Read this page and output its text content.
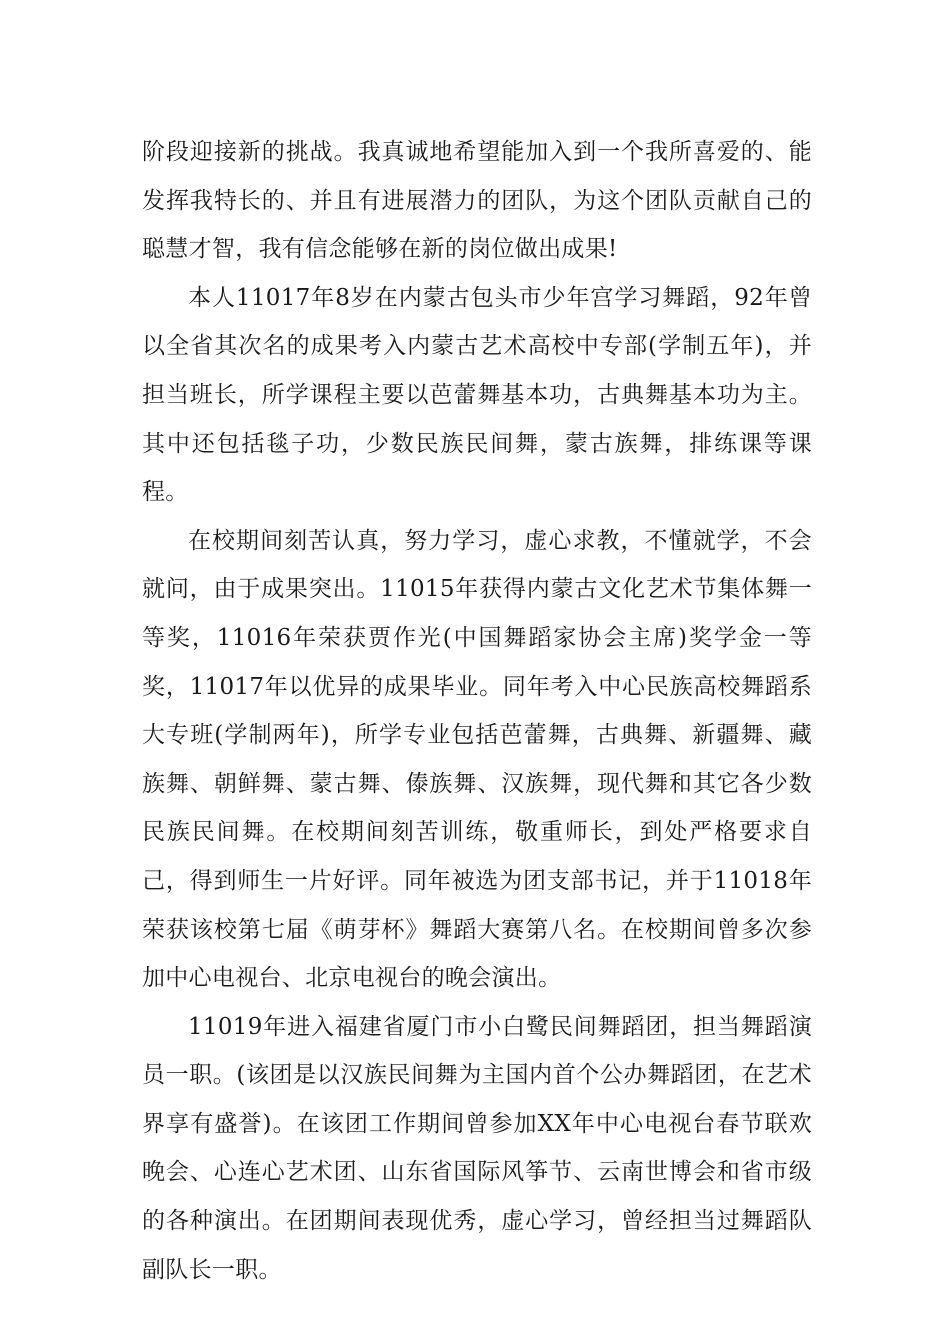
阶段迎接新的挑战。我真诚地希望能加入到一个我所喜爱的、能发挥我特长的、并且有进展潜力的团队，为这个团队贡献自己的聪慧才智，我有信念能够在新的岗位做出成果!

本人11017年8岁在内蒙古包头市少年宫学习舞蹈，92年曾以全省其次名的成果考入内蒙古艺术高校中专部(学制五年)，并担当班长，所学课程主要以芭蕾舞基本功，古典舞基本功为主。其中还包括毯子功，少数民族民间舞，蒙古族舞，排练课等课程。

在校期间刻苦认真，努力学习，虚心求教，不懂就学，不会就问，由于成果突出。11015年获得内蒙古文化艺术节集体舞一等奖，11016年荣获贾作光(中国舞蹈家协会主席)奖学金一等奖，11017年以优异的成果毕业。同年考入中心民族高校舞蹈系大专班(学制两年)，所学专业包括芭蕾舞，古典舞、新疆舞、藏族舞、朝鲜舞、蒙古舞、傣族舞、汉族舞，现代舞和其它各少数民族民间舞。在校期间刻苦训练，敬重师长，到处严格要求自己，得到师生一片好评。同年被选为团支部书记，并于11018年荣获该校第七届《萌芽杯》舞蹈大赛第八名。在校期间曾多次参加中心电视台、北京电视台的晚会演出。

11019年进入福建省厦门市小白鹭民间舞蹈团，担当舞蹈演员一职。(该团是以汉族民间舞为主国内首个公办舞蹈团，在艺术界享有盛誉)。在该团工作期间曾参加XX年中心电视台春节联欢晚会、心连心艺术团、山东省国际风筝节、云南世博会和省市级的各种演出。在团期间表现优秀，虚心学习，曾经担当过舞蹈队副队长一职。
